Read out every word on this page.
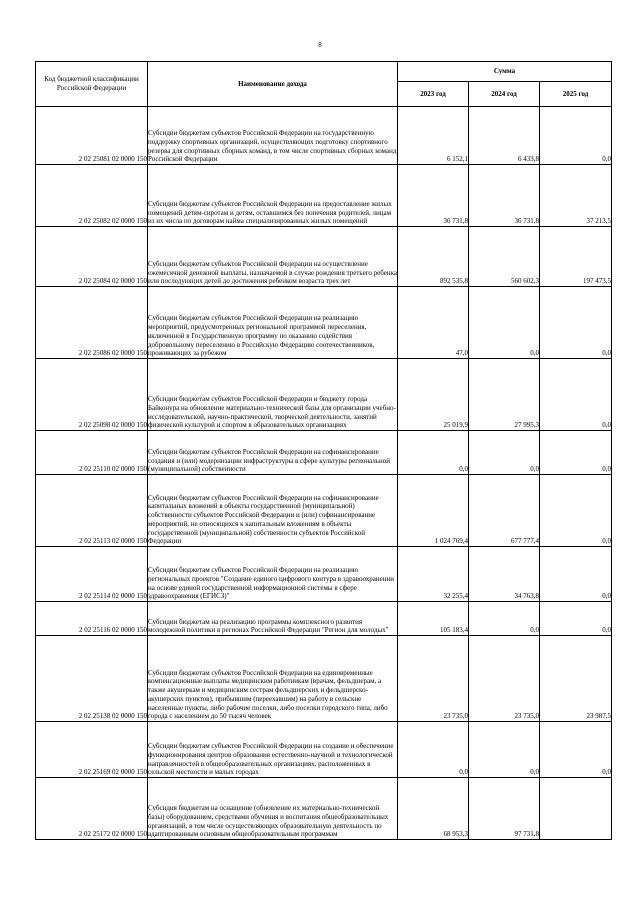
8
Код бюджетной классификации Российской Федерации	Наименование дохода	Сумма		
		2023 год	2024 год	2025 год
2 02 25081 02 0000 150	Субсидии бюджетам субъектов Российской Федерации на государственную поддержку спортивных организаций, осуществляющих подготовку спортивного резерва для спортивных сборных команд, в том числе спортивных сборных команд Российской Федерации	6 152,1	6 433,8	0,0
2 02 25082 02 0000 150	Субсидии бюджетам субъектов Российской Федерации на предоставление жилых помещений детям-сиротам и детям, оставшимся без попечения родителей, лицам из их числа по договорам найма специализированных жилых помещений	36 731,8	36 731,8	37 213,5
2 02 25084 02 0000 150	Субсидии бюджетам субъектов Российской Федерации на осуществление ежемесячной денежной выплаты, назначаемой в случае рождения третьего ребенка или последующих детей до достижения ребенком возраста трех лет	892 535,8	560 602,3	197 473,5
2 02 25086 02 0000 150	Субсидии бюджетам субъектов Российской Федерации на реализацию мероприятий, предусмотренных региональной программой переселения, включенной в Государственную программу по оказанию содействия добровольному переселению в Российскую Федерацию соотечественников, проживающих за рубежом	47,0	0,0	0,0
2 02 25098 02 0000 150	Субсидии бюджетам субъектов Российской Федерации и бюджету города Байконура на обновление материально-технической базы для организации учебно-исследовательской, научно-практической, творческой деятельности, занятий физической культурой и спортом в образовательных организациях	25 019,9	27 995,3	0,0
2 02 25110 02 0000 150	Субсидии бюджетам субъектов Российской Федерации на софинансирование создания и (или) модернизации инфраструктуры в сфере культуры региональной (муниципальной) собственности	0,0	0,0	0,0
2 02 25113 02 0000 150	Субсидии бюджетам субъектов Российской Федерации на софинансирование капитальных вложений в объекты государственной (муниципальной) собственности субъектов Российской Федерации и (или) софинансирование мероприятий, не относящихся к капитальным вложениям в объекты государственной (муниципальной) собственности субъектов Российской Федерации	1 024 769,4	677 777,4	0,0
2 02 25114 02 0000 150	Субсидии бюджетам субъектов Российской Федерации на реализацию региональных проектов "Создание единого цифрового контура в здравоохранении на основе единой государственной информационной системы в сфере здравоохранения (ЕГИСЗ)"	32 255,4	34 763,8	0,0
2 02 25116 02 0000 150	Субсидии бюджетам на реализацию программы комплексного развития молодежной политики в регионах Российской Федерации "Регион для молодых"	105 183,4	0,0	0,0
2 02 25138 02 0000 150	Субсидии бюджетам субъектов Российской Федерации на единовременные компенсационные выплаты медицинским работникам (врачам, фельдшерам, а также акушеркам и медицинским сестрам фельдшерских и фельдшерско-акушерских пунктов), прибывшим (переехавшим) на работу в сельские населенные пункты, либо рабочие поселки, либо поселки городского типа, либо города с населением до 50 тысяч человек	23 735,0	23 735,0	23 987,5
2 02 25169 02 0000 150	Субсидии бюджетам субъектов Российской Федерации на создание и обеспечение функционирования центров образования естественно-научной и технологической направленностей в общеобразовательных организациях, расположенных в сельской местности и малых городах	0,0	0,0	0,0
2 02 25172 02 0000 150	Субсидия бюджетам на оснащение (обновление их материально-технической базы) оборудованием, средствами обучения и воспитания общеобразовательных организаций, в том числе осуществляющих образовательную деятельность по адаптированным основным общеобразовательным программам	68 953,3	97 731,8	
